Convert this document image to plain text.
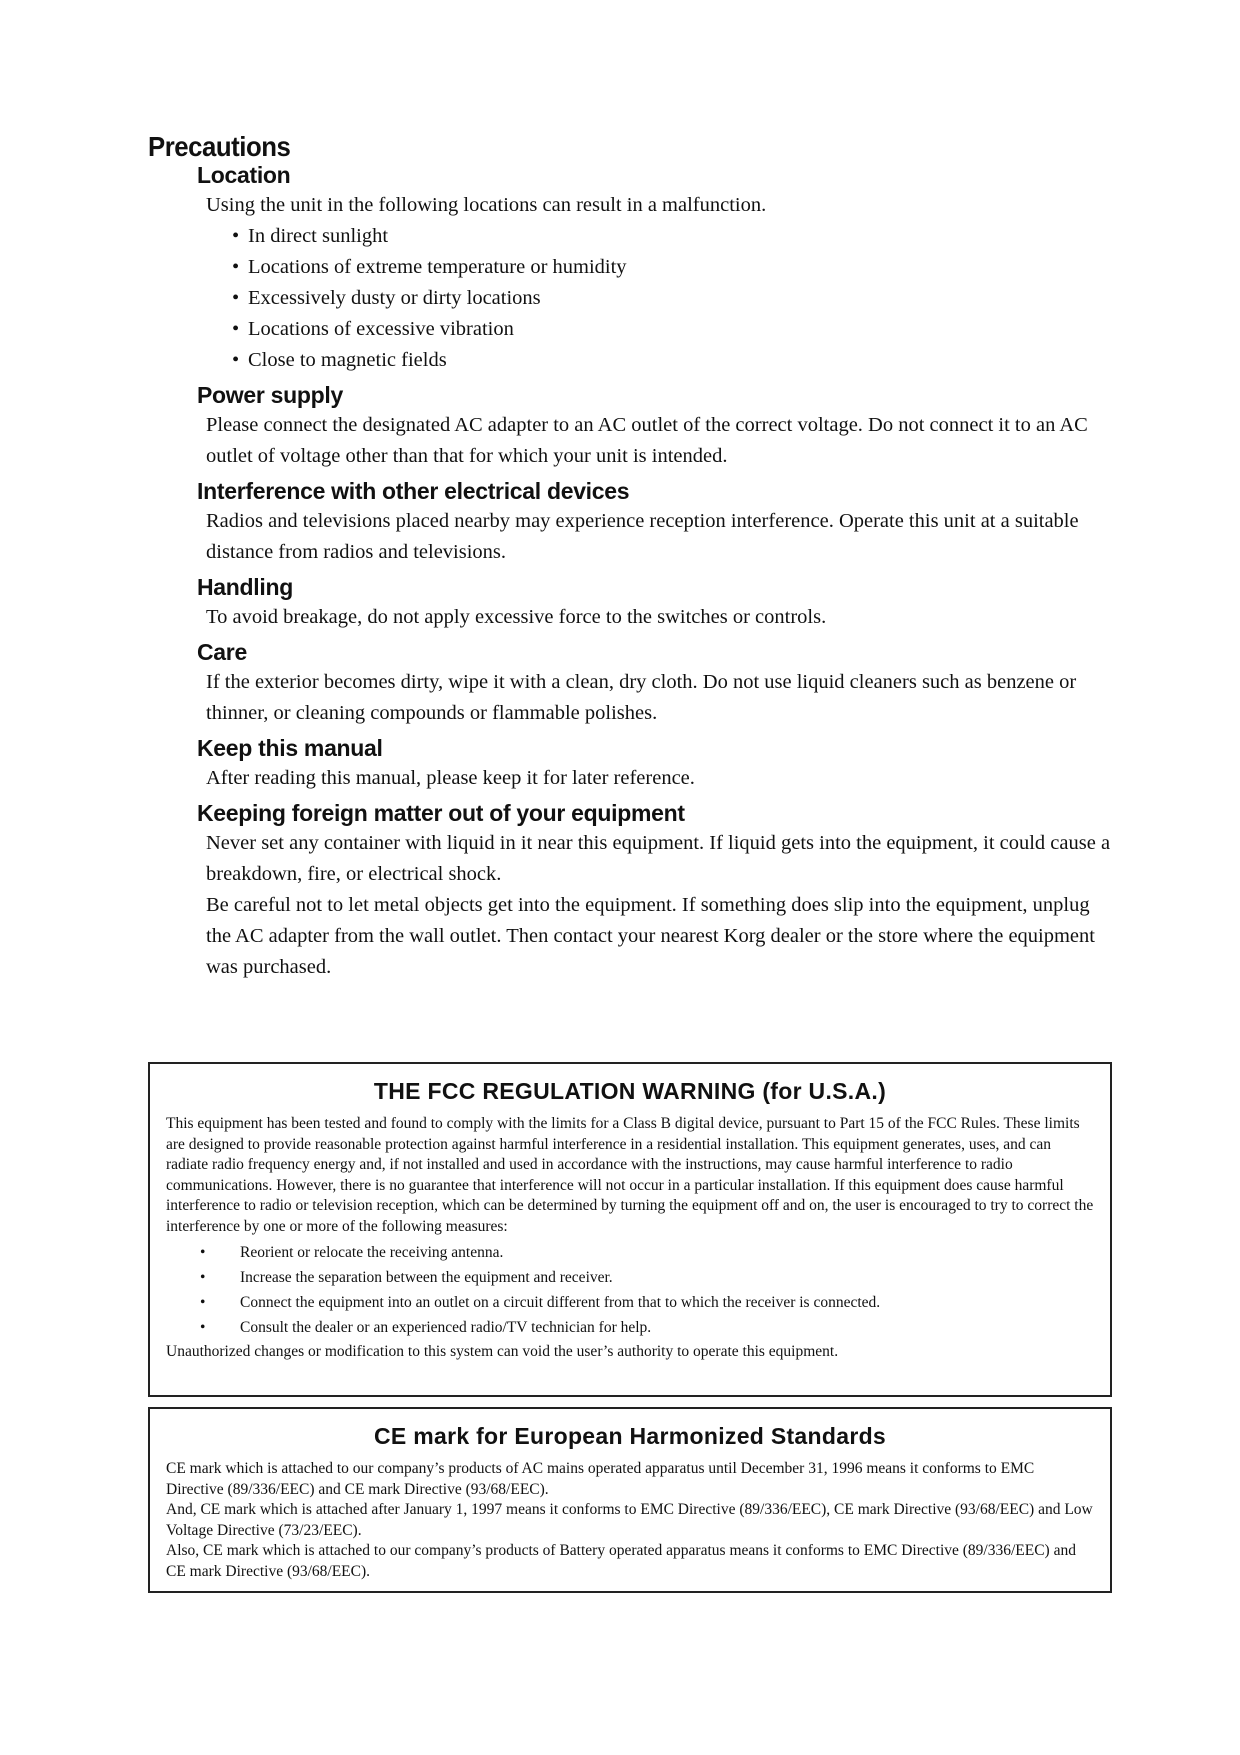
Precautions
Location

Using the unit in the following locations can result in a malfunction.

• In direct sunlight
• Locations of extreme temperature or humidity
• Excessively dusty or dirty locations
• Locations of excessive vibration
• Close to magnetic fields
Power supply

Please connect the designated AC adapter to an AC outlet of the correct voltage. Do not connect it to an AC outlet of voltage other than that for which your unit is intended.

Interference with other electrical devices

Radios and televisions placed nearby may experience reception interference. Operate this unit at a suitable distance from radios and televisions.

Handling

To avoid breakage, do not apply excessive force to the switches or controls.

Care

If the exterior becomes dirty, wipe it with a clean, dry cloth. Do not use liquid cleaners such as benzene or thinner, or cleaning compounds or flammable polishes.

Keep this manual

After reading this manual, please keep it for later reference.

Keeping foreign matter out of your equipment

Never set any container with liquid in it near this equipment. If liquid gets into the equipment, it could cause a breakdown, fire, or electrical shock.

Be careful not to let metal objects get into the equipment. If something does slip into the equipment, unplug the AC adapter from the wall outlet. Then contact your nearest Korg dealer or the store where the equipment was purchased.

THE FCC REGULATION WARNING (for U.S.A.)

This equipment has been tested and found to comply with the limits for a Class B digital device, pursuant to Part 15 of the FCC Rules. These limits are designed to provide reasonable protection against harmful interference in a residential installation. This equipment generates, uses, and can radiate radio frequency energy and, if not installed and used in accordance with the instructions, may cause harmful interference to radio communications. However, there is no guarantee that interference will not occur in a particular installation. If this equipment does cause harmful interference to radio or television reception, which can be determined by turning the equipment off and on, the user is encouraged to try to correct the interference by one or more of the following measures:

• Reorient or relocate the receiving antenna.
• Increase the separation between the equipment and receiver.
• Connect the equipment into an outlet on a circuit different from that to which the receiver is connected.
• Consult the dealer or an experienced radio/TV technician for help.

Unauthorized changes or modification to this system can void the user’s authority to operate this equipment.

CE mark for European Harmonized Standards

CE mark which is attached to our company’s products of AC mains operated apparatus until December 31, 1996 means it conforms to EMC Directive (89/336/EEC) and CE mark Directive (93/68/EEC).

And, CE mark which is attached after January 1, 1997 means it conforms to EMC Directive (89/336/EEC), CE mark Directive (93/68/EEC) and Low Voltage Directive (73/23/EEC).

Also, CE mark which is attached to our company’s products of Battery operated apparatus means it conforms to EMC Directive (89/336/EEC) and CE mark Directive (93/68/EEC).
